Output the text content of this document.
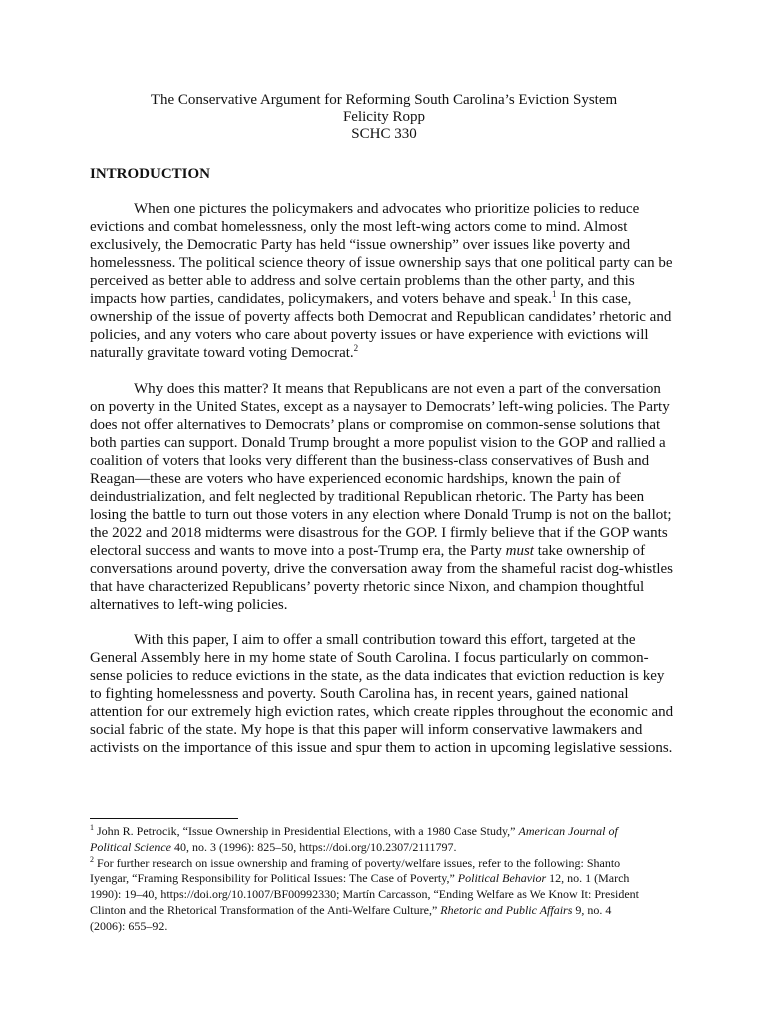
The Conservative Argument for Reforming South Carolina’s Eviction System
Felicity Ropp
SCHC 330
INTRODUCTION
When one pictures the policymakers and advocates who prioritize policies to reduce
evictions and combat homelessness, only the most left-wing actors come to mind. Almost
exclusively, the Democratic Party has held “issue ownership” over issues like poverty and
homelessness. The political science theory of issue ownership says that one political party can be
perceived as better able to address and solve certain problems than the other party, and this
impacts how parties, candidates, policymakers, and voters behave and speak.$^1$ In this case,
ownership of the issue of poverty affects both Democrat and Republican candidates’ rhetoric and
policies, and any voters who care about poverty issues or have experience with evictions will
naturally gravitate toward voting Democrat.$^2$
Why does this matter? It means that Republicans are not even a part of the conversation
on poverty in the United States, except as a naysayer to Democrats’ left-wing policies. The Party
does not offer alternatives to Democrats’ plans or compromise on common-sense solutions that
both parties can support. Donald Trump brought a more populist vision to the GOP and rallied a
coalition of voters that looks very different than the business-class conservatives of Bush and
Reagan—these are voters who have experienced economic hardships, known the pain of
deindustrialization, and felt neglected by traditional Republican rhetoric. The Party has been
losing the battle to turn out those voters in any election where Donald Trump is not on the ballot;
the 2022 and 2018 midterms were disastrous for the GOP. I firmly believe that if the GOP wants
electoral success and wants to move into a post-Trump era, the Party must take ownership of
conversations around poverty, drive the conversation away from the shameful racist dog-whistles
that have characterized Republicans’ poverty rhetoric since Nixon, and champion thoughtful
alternatives to left-wing policies.
With this paper, I aim to offer a small contribution toward this effort, targeted at the
General Assembly here in my home state of South Carolina. I focus particularly on common-
sense policies to reduce evictions in the state, as the data indicates that eviction reduction is key
to fighting homelessness and poverty. South Carolina has, in recent years, gained national
attention for our extremely high eviction rates, which create ripples throughout the economic and
social fabric of the state. My hope is that this paper will inform conservative lawmakers and
activists on the importance of this issue and spur them to action in upcoming legislative sessions.
$^1$ John R. Petrocik, “Issue Ownership in Presidential Elections, with a 1980 Case Study,” American Journal of
Political Science 40, no. 3 (1996): 825–50, https://doi.org/10.2307/2111797.
$^2$ For further research on issue ownership and framing of poverty/welfare issues, refer to the following: Shanto
Iyengar, “Framing Responsibility for Political Issues: The Case of Poverty,” Political Behavior 12, no. 1 (March
1990): 19–40, https://doi.org/10.1007/BF00992330; Martín Carcasson, “Ending Welfare as We Know It: President
Clinton and the Rhetorical Transformation of the Anti-Welfare Culture,” Rhetoric and Public Affairs 9, no. 4
(2006): 655–92.
